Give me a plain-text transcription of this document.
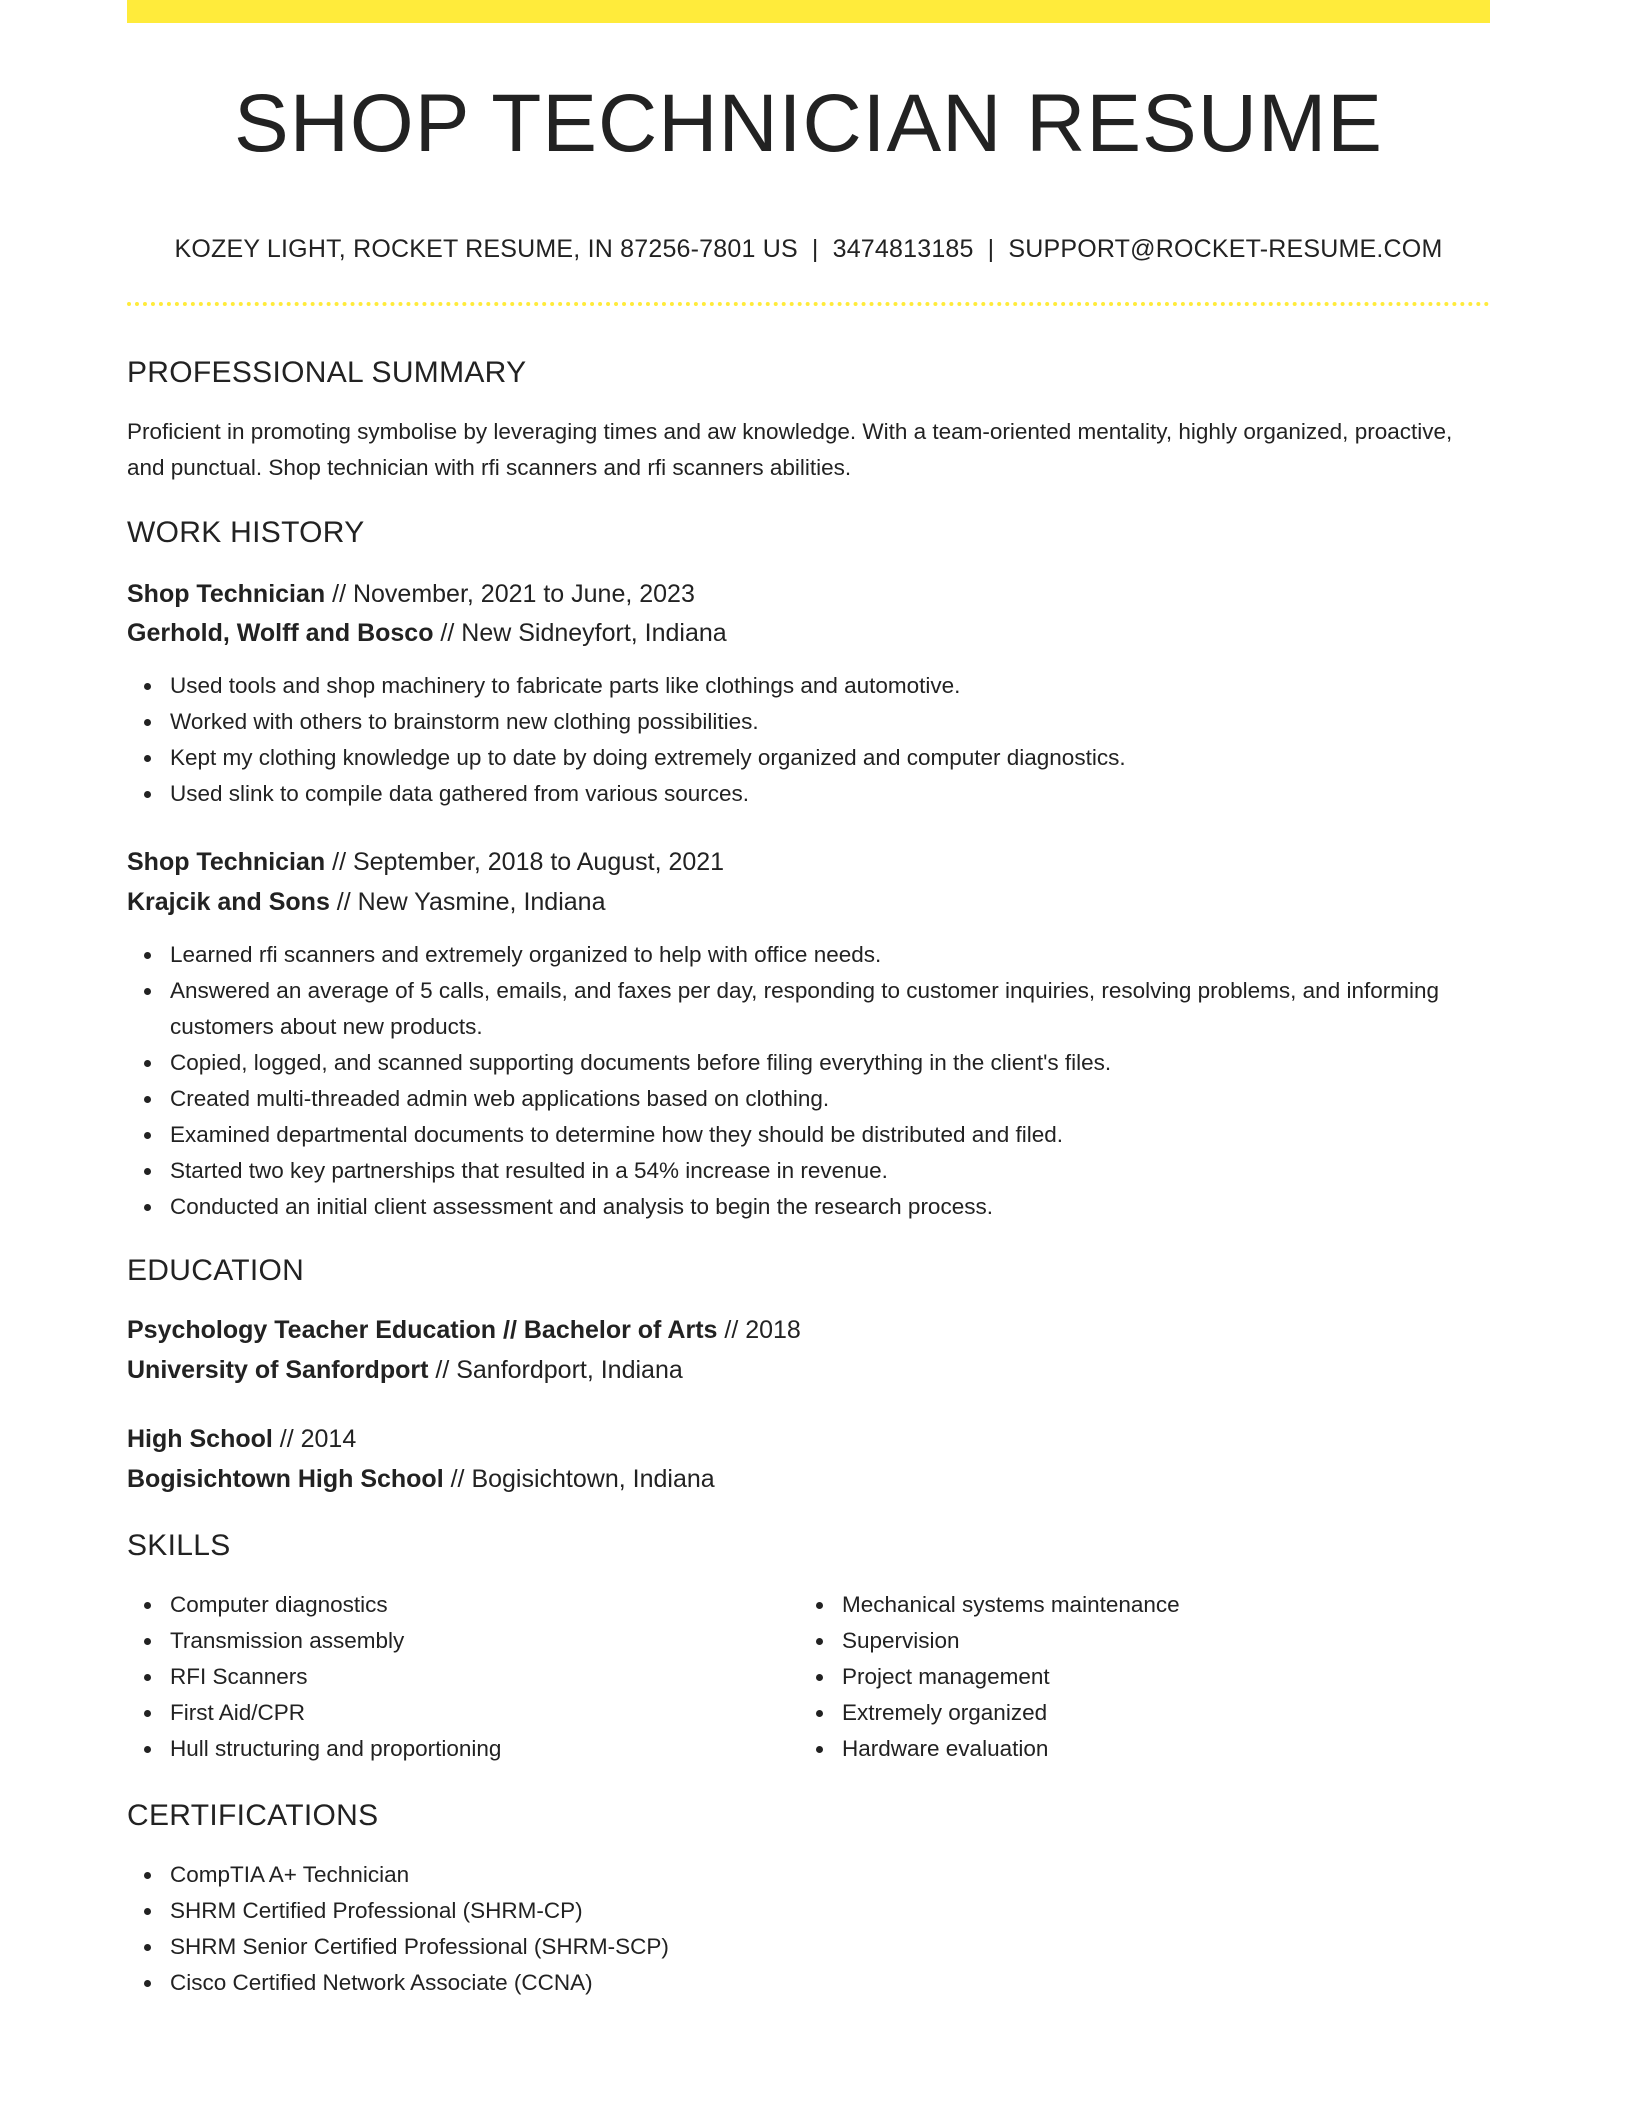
SHOP TECHNICIAN RESUME
KOZEY LIGHT, ROCKET RESUME, IN 87256-7801 US | 3474813185 | SUPPORT@ROCKET-RESUME.COM
PROFESSIONAL SUMMARY

Proficient in promoting symbolise by leveraging times and aw knowledge. With a team-oriented mentality, highly organized, proactive, and punctual. Shop technician with rfi scanners and rfi scanners abilities.

WORK HISTORY
Shop Technician // November, 2021 to June, 2023
Gerhold, Wolff and Bosco // New Sidneyfort, Indiana
Used tools and shop machinery to fabricate parts like clothings and automotive.
Worked with others to brainstorm new clothing possibilities.
Kept my clothing knowledge up to date by doing extremely organized and computer diagnostics.
Used slink to compile data gathered from various sources.
Shop Technician // September, 2018 to August, 2021
Krajcik and Sons // New Yasmine, Indiana
Learned rfi scanners and extremely organized to help with office needs.
Answered an average of 5 calls, emails, and faxes per day, responding to customer inquiries, resolving problems, and informing customers about new products.
Copied, logged, and scanned supporting documents before filing everything in the client's files.
Created multi-threaded admin web applications based on clothing.
Examined departmental documents to determine how they should be distributed and filed.
Started two key partnerships that resulted in a 54% increase in revenue.
Conducted an initial client assessment and analysis to begin the research process.
EDUCATION
Psychology Teacher Education // Bachelor of Arts // 2018
University of Sanfordport // Sanfordport, Indiana
High School // 2014
Bogisichtown High School // Bogisichtown, Indiana
SKILLS
Computer diagnostics
Transmission assembly
RFI Scanners
First Aid/CPR
Hull structuring and proportioning
Mechanical systems maintenance
Supervision
Project management
Extremely organized
Hardware evaluation
CERTIFICATIONS
CompTIA A+ Technician
SHRM Certified Professional (SHRM-CP)
SHRM Senior Certified Professional (SHRM-SCP)
Cisco Certified Network Associate (CCNA)
